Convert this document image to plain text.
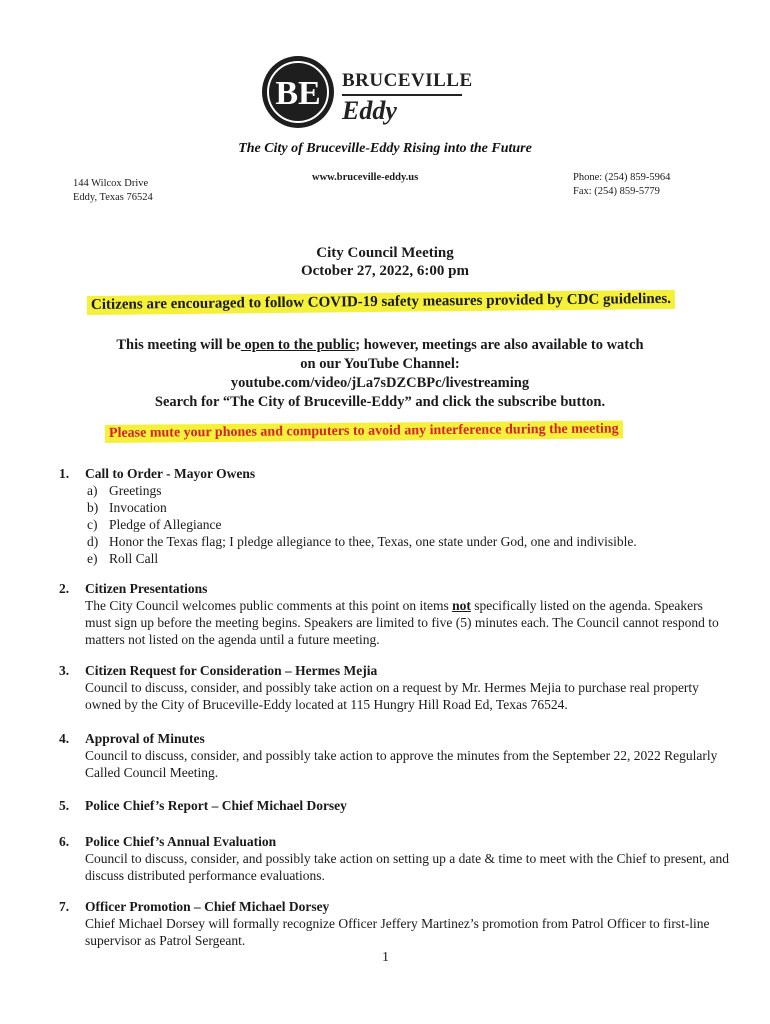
BE BRUCEVILLE
Eddy
The City of Bruceville-Eddy Rising into the Future
144 Wilcox Drive
Eddy, Texas 76524
www.bruceville-eddy.us	Phone: (254) 859-5964
Fax: (254) 859-5779
City Council Meeting
October 27, 2022, 6:00 pm
Citizens are encouraged to follow COVID-19 safety measures provided by CDC guidelines.
This meeting will be open to the public; however, meetings are also available to watch
on our YouTube Channel:
youtube.com/video/jLa7sDZCBPc/livestreaming
Search for “The City of Bruceville-Eddy” and click the subscribe button.
Please mute your phones and computers to avoid any interference during the meeting
1. Call to Order - Mayor Owens
a) Greetings
b) Invocation
c) Pledge of Allegiance
d) Honor the Texas flag; I pledge allegiance to thee, Texas, one state under God, one and indivisible.
e) Roll Call
2. Citizen Presentations
The City Council welcomes public comments at this point on items not specifically listed on the agenda. Speakers must sign up before the meeting begins. Speakers are limited to five (5) minutes each. The Council cannot respond to matters not listed on the agenda until a future meeting.
3. Citizen Request for Consideration – Hermes Mejia
Council to discuss, consider, and possibly take action on a request by Mr. Hermes Mejia to purchase real property owned by the City of Bruceville-Eddy located at 115 Hungry Hill Road Ed, Texas 76524.
4. Approval of Minutes
Council to discuss, consider, and possibly take action to approve the minutes from the September 22, 2022 Regularly Called Council Meeting.
5. Police Chief’s Report – Chief Michael Dorsey
6. Police Chief’s Annual Evaluation
Council to discuss, consider, and possibly take action on setting up a date & time to meet with the Chief to present, and discuss distributed performance evaluations.
7. Officer Promotion – Chief Michael Dorsey
Chief Michael Dorsey will formally recognize Officer Jeffery Martinez’s promotion from Patrol Officer to first-line supervisor as Patrol Sergeant.
1
